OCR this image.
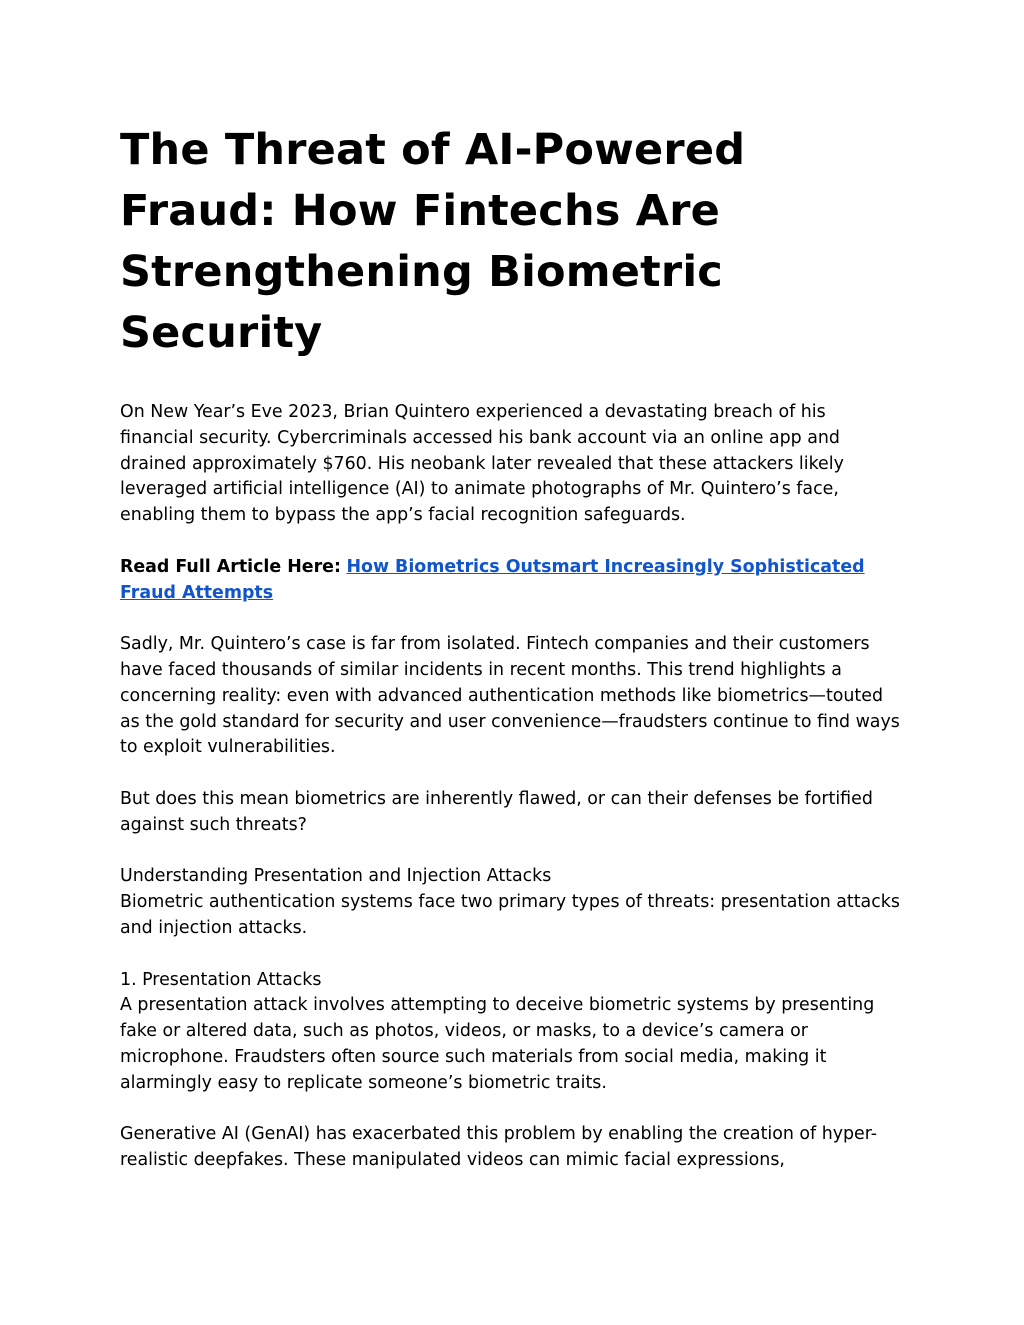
The Threat of AI-Powered Fraud: How Fintechs Are Strengthening Biometric Security

On New Year’s Eve 2023, Brian Quintero experienced a devastating breach of his financial security. Cybercriminals accessed his bank account via an online app and drained approximately $760. His neobank later revealed that these attackers likely leveraged artificial intelligence (AI) to animate photographs of Mr. Quintero’s face, enabling them to bypass the app’s facial recognition safeguards.

Read Full Article Here: How Biometrics Outsmart Increasingly Sophisticated Fraud Attempts

Sadly, Mr. Quintero’s case is far from isolated. Fintech companies and their customers have faced thousands of similar incidents in recent months. This trend highlights a concerning reality: even with advanced authentication methods like biometrics—touted as the gold standard for security and user convenience—fraudsters continue to find ways to exploit vulnerabilities.

But does this mean biometrics are inherently flawed, or can their defenses be fortified against such threats?

Understanding Presentation and Injection Attacks
Biometric authentication systems face two primary types of threats: presentation attacks and injection attacks.

1. Presentation Attacks
A presentation attack involves attempting to deceive biometric systems by presenting fake or altered data, such as photos, videos, or masks, to a device’s camera or microphone. Fraudsters often source such materials from social media, making it alarmingly easy to replicate someone’s biometric traits.

Generative AI (GenAI) has exacerbated this problem by enabling the creation of hyper-realistic deepfakes. These manipulated videos can mimic facial expressions,
